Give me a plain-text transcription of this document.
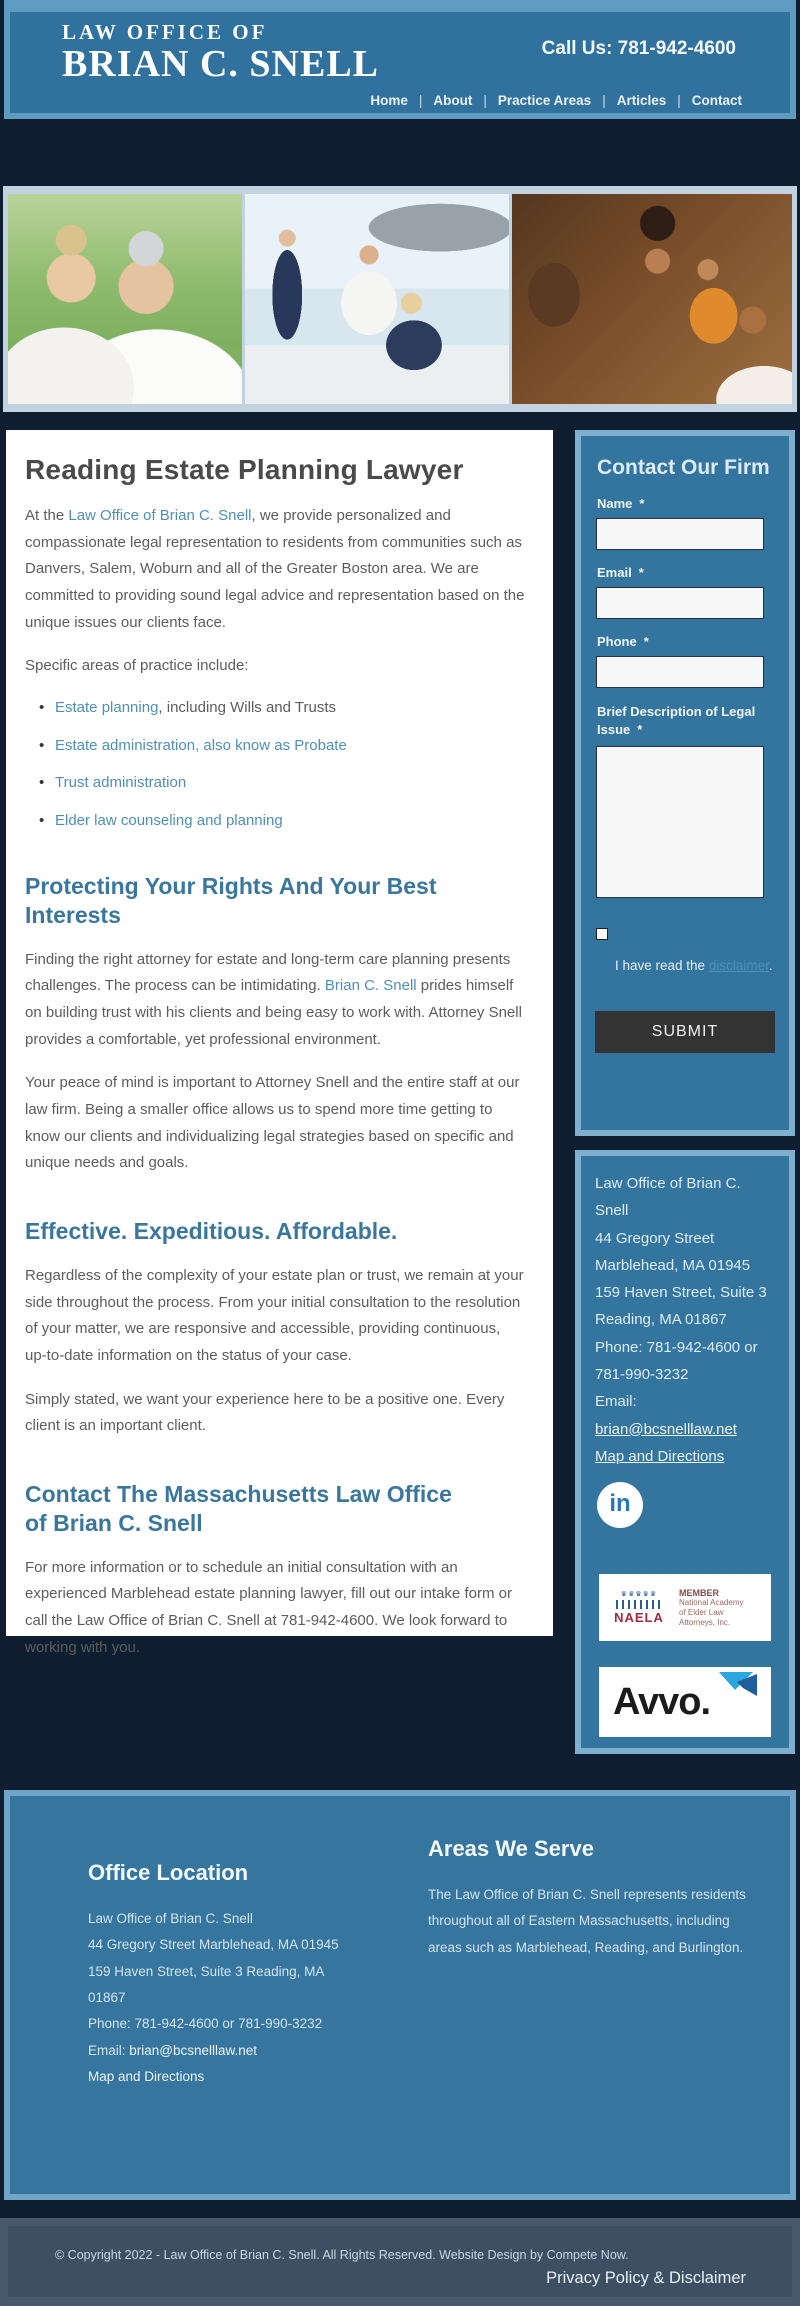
LAW OFFICE OF
BRIAN C. SNELL	Call Us: 781-942-4600
Home	| About	| Practice Areas	| Articles	| Contact
Reading Estate Planning Lawyer

At the Law Office of Brian C. Snell, we provide personalized and compassionate legal representation to residents from communities such as Danvers, Salem, Woburn and all of the Greater Boston area. We are committed to providing sound legal advice and representation based on the unique issues our clients face.

Specific areas of practice include:

• Estate planning, including Wills and Trusts
• Estate administration, also know as Probate
• Trust administration
• Elder law counseling and planning
Protecting Your Rights And Your Best Interests

Finding the right attorney for estate and long-term care planning presents challenges. The process can be intimidating. Brian C. Snell prides himself on building trust with his clients and being easy to work with. Attorney Snell provides a comfortable, yet professional environment.

Your peace of mind is important to Attorney Snell and the entire staff at our law firm. Being a smaller office allows us to spend more time getting to know our clients and individualizing legal strategies based on specific and unique needs and goals.

Effective. Expeditious. Affordable.

Regardless of the complexity of your estate plan or trust, we remain at your side throughout the process. From your initial consultation to the resolution of your matter, we are responsive and accessible, providing continuous, up-to-date information on the status of your case.

Simply stated, we want your experience here to be a positive one. Every client is an important client.

Contact The Massachusetts Law Office of Brian C. Snell

For more information or to schedule an initial consultation with an experienced Marblehead estate planning lawyer, fill out our intake form or call the Law Office of Brian C. Snell at 781-942-4600. We look forward to working with you.

Contact Our Firm
Name *
Email *
Phone *
Brief Description of Legal Issue *
I have read the disclaimer.
SUBMIT
Law Office of Brian C. Snell
44 Gregory Street Marblehead, MA 01945
159 Haven Street, Suite 3 Reading, MA 01867
Phone: 781-942-4600 or 781-990-3232
Email: brian@bcsnelllaw.net
Map and Directions
in
♛♛♛♛♛
NAELA
MEMBER
National Academy
of Elder Law
Attorneys, Inc.
Avvo.
Office Location
Law Office of Brian C. Snell
44 Gregory Street Marblehead, MA 01945
159 Haven Street, Suite 3 Reading, MA 01867
Phone: 781-942-4600 or 781-990-3232
Email: brian@bcsnelllaw.net
Map and Directions
Areas We Serve

The Law Office of Brian C. Snell represents residents throughout all of Eastern Massachusetts, including areas such as Marblehead, Reading, and Burlington.

© Copyright 2022 - Law Office of Brian C. Snell. All Rights Reserved. Website Design by Compete Now.
Privacy Policy & Disclaimer
